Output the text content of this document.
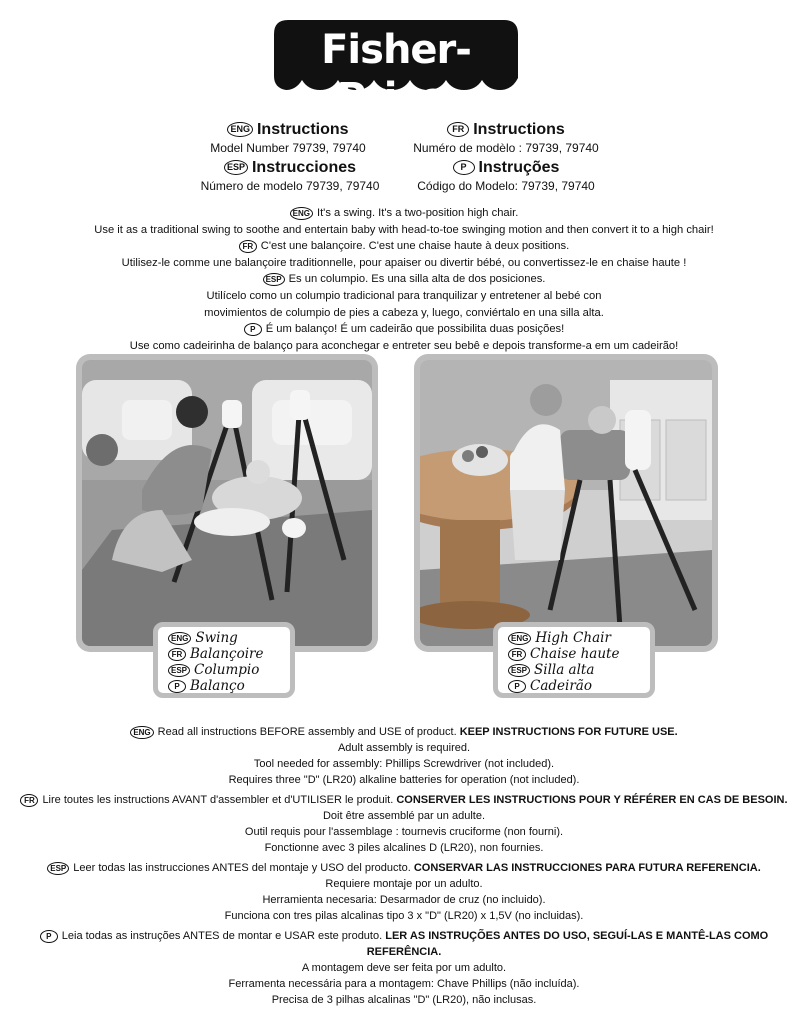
Fisher-Price®
ENG Instructions
Model Number 79739, 79740
FR Instructions
Numéro de modèlo : 79739, 79740
ESP Instrucciones
Número de modelo 79739, 79740
P Instruções
Código do Modelo: 79739, 79740

ENG It's a swing. It's a two-position high chair.

Use it as a traditional swing to soothe and entertain baby with head-to-toe swinging motion and then convert it to a high chair!

FR C'est une balançoire. C'est une chaise haute à deux positions.

Utilisez-le comme une balançoire traditionnelle, pour apaiser ou divertir bébé, ou convertissez-le en chaise haute !

ESP Es un columpio. Es una silla alta de dos posiciones.

Utilícelo como un columpio tradicional para tranquilizar y entretener al bebé con

movimientos de columpio de pies a cabeza y, luego, conviértalo en una silla alta.

P É um balanço! É um cadeirão que possibilita duas posições!

Use como cadeirinha de balanço para aconchegar e entreter seu bebê e depois transforme-a em um cadeirão!

ENG Swing
FR Balançoire
ESP Columpio
P Balanço
ENG High Chair
FR Chaise haute
ESP Silla alta
P Cadeirão

ENG Read all instructions BEFORE assembly and USE of product. KEEP INSTRUCTIONS FOR FUTURE USE.

Adult assembly is required.

Tool needed for assembly: Phillips Screwdriver (not included).

Requires three "D" (LR20) alkaline batteries for operation (not included).

FR Lire toutes les instructions AVANT d'assembler et d'UTILISER le produit. CONSERVER LES INSTRUCTIONS POUR Y RÉFÉRER EN CAS DE BESOIN.

Doit être assemblé par un adulte.

Outil requis pour l'assemblage : tournevis cruciforme (non fourni).

Fonctionne avec 3 piles alcalines D (LR20), non fournies.

ESP Leer todas las instrucciones ANTES del montaje y USO del producto. CONSERVAR LAS INSTRUCCIONES PARA FUTURA REFERENCIA.

Requiere montaje por un adulto.

Herramienta necesaria: Desarmador de cruz (no incluido).

Funciona con tres pilas alcalinas tipo 3 x "D" (LR20) x 1,5V (no incluidas).

P Leia todas as instruções ANTES de montar e USAR este produto. LER AS INSTRUÇÕES ANTES DO USO, SEGUÍ-LAS E MANTÊ-LAS COMO REFERÊNCIA.

A montagem deve ser feita por um adulto.

Ferramenta necessária para a montagem: Chave Phillips (não incluída).

Precisa de 3 pilhas alcalinas "D" (LR20), não inclusas.
